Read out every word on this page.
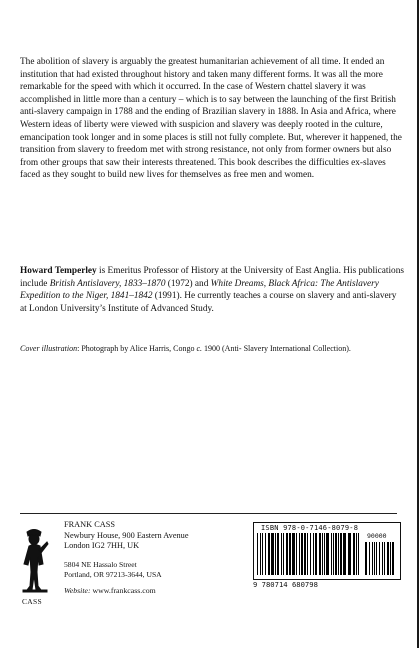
The abolition of slavery is arguably the greatest humanitarian achievement of all time. It ended an institution that had existed throughout history and taken many different forms. It was all the more remarkable for the speed with which it occurred. In the case of Western chattel slavery it was accomplished in little more than a century – which is to say between the launching of the first British anti-slavery campaign in 1788 and the ending of Brazilian slavery in 1888. In Asia and Africa, where Western ideas of liberty were viewed with suspicion and slavery was deeply rooted in the culture, emancipation took longer and in some places is still not fully complete. But, wherever it happened, the transition from slavery to freedom met with strong resistance, not only from former owners but also from other groups that saw their interests threatened. This book describes the difficulties ex-slaves faced as they sought to build new lives for themselves as free men and women.

Howard Temperley is Emeritus Professor of History at the University of East Anglia. His publications include British Antislavery, 1833–1870 (1972) and White Dreams, Black Africa: The Antislavery Expedition to the Niger, 1841–1842 (1991). He currently teaches a course on slavery and anti-slavery at London University’s Institute of Advanced Study.

Cover illustration: Photograph by Alice Harris, Congo c. 1900 (Anti- Slavery International Collection).

CASS
FRANK CASS
Newbury House, 900 Eastern Avenue
London IG2 7HH, UK
5804 NE Hassalo Street
Portland, OR 97213-3644, USA
Website: www.frankcass.com
ISBN 978-0-7146-8079-8
90000
9 780714 680798
